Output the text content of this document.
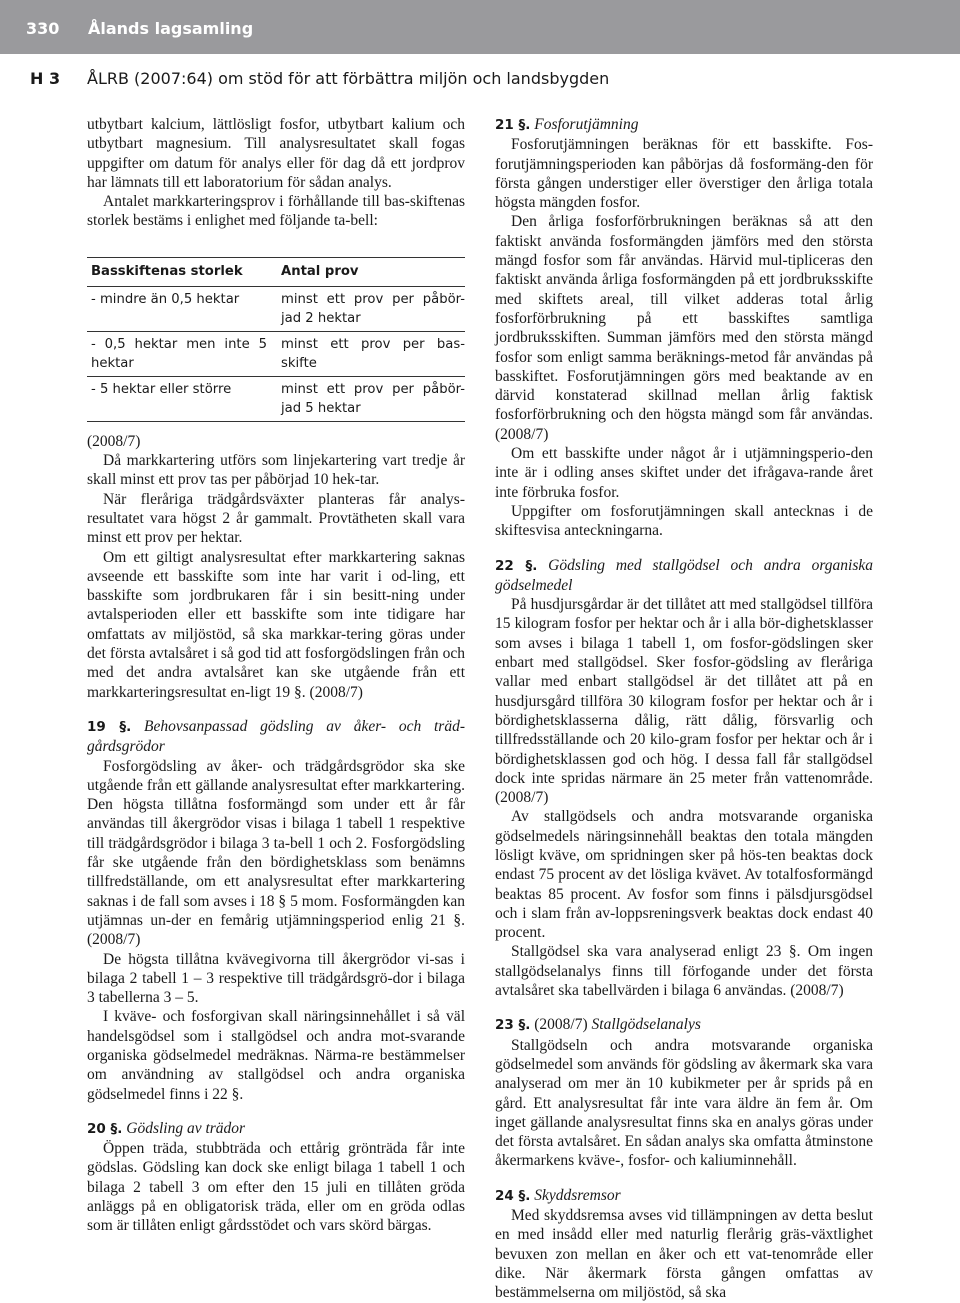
330 Ålands lagsamling
H 3 ÅLRB (2007:64) om stöd för att förbättra miljön och landsbygden

utbytbart kalcium, lättlösligt fosfor, utbytbart kalium och utbytbart magnesium. Till analysresultatet skall fogas uppgifter om datum för analys eller för dag då ett jordprov har lämnats till ett laboratorium för sådan analys.

Antalet markkarteringsprov i förhållande till bas-skiftenas storlek bestäms i enlighet med följande ta-bell:

Basskiftenas storlek	Antal prov
- mindre än 0,5 hektar	minst ett prov per påbör-jad 2 hektar
- 0,5 hektar men inte 5 hektar	minst ett prov per bas-skifte
- 5 hektar eller större	minst ett prov per påbör-jad 5 hektar

(2008/7)

Då markkartering utförs som linjekartering vart tredje år skall minst ett prov tas per påbörjad 10 hek-tar.

När fleråriga trädgårdsväxter planteras får analys-resultatet vara högst 2 år gammalt. Provtätheten skall vara minst ett prov per hektar.

Om ett giltigt analysresultat efter markkartering saknas avseende ett basskifte som inte har varit i od-ling, ett basskifte som jordbrukaren får i sin besitt-ning under avtalsperioden eller ett basskifte som inte tidigare har omfattats av miljöstöd, så ska markkar-tering göras under det första avtalsåret i så god tid att fosforgödslingen från och med det andra avtalsåret kan ske utgående från ett markkarteringsresultat en-ligt 19 §. (2008/7)

19 §. Behovsanpassad gödsling av åker- och träd-gårdsgrödor

Fosforgödsling av åker- och trädgårdsgrödor ska ske utgående från ett gällande analysresultat efter markkartering. Den högsta tillåtna fosformängd som under ett år får användas till åkergrödor visas i bilaga 1 tabell 1 respektive till trädgårdsgrödor i bilaga 3 ta-bell 1 och 2. Fosforgödsling får ske utgående från den bördighetsklass som benämns tillfredställande, om ett analysresultat efter markkartering saknas i de fall som avses i 18 § 5 mom. Fosformängden kan utjämnas un-der en femårig utjämningsperiod enlig 21 §. (2008/7)

De högsta tillåtna kvävegivorna till åkergrödor vi-sas i bilaga 2 tabell 1 – 3 respektive till trädgårdsgrö-dor i bilaga 3 tabellerna 3 – 5.

I kväve- och fosforgivan skall näringsinnehållet i så väl handelsgödsel som i stallgödsel och andra mot-svarande organiska gödselmedel medräknas. Närma-re bestämmelser om användning av stallgödsel och andra organiska gödselmedel finns i 22 §.

20 §. Gödsling av trädor

Öppen träda, stubbträda och ettårig grönträda får inte gödslas. Gödsling kan dock ske enligt bilaga 1 tabell 1 och bilaga 2 tabell 3 om efter den 15 juli en tillåten gröda anläggs på en obligatorisk träda, eller om en gröda odlas som är tillåten enligt gårdsstödet och vars skörd bärgas.

21 §. Fosforutjämning

Fosforutjämningen beräknas för ett basskifte. Fos-forutjämningsperioden kan påbörjas då fosformäng-den för första gången understiger eller överstiger den årliga totala högsta mängden fosfor.

Den årliga fosforförbrukningen beräknas så att den faktiskt använda fosformängden jämförs med den största mängd fosfor som får användas. Härvid mul-tipliceras den faktiskt använda årliga fosformängden på ett jordbruksskifte med skiftets areal, till vilket adderas total årlig fosforförbrukning på ett basskiftes samtliga jordbruksskiften. Summan jämförs med den största mängd fosfor som enligt samma beräknings-metod får användas på basskiftet. Fosforutjämningen görs med beaktande av en därvid konstaterad skillnad mellan årlig faktisk fosforförbrukning och den högsta mängd som får användas. (2008/7)

Om ett basskifte under något år i utjämningsperio-den inte är i odling anses skiftet under det ifrågava-rande året inte förbruka fosfor.

Uppgifter om fosforutjämningen skall antecknas i de skiftesvisa anteckningarna.

22 §. Gödsling med stallgödsel och andra organiska gödselmedel

På husdjursgårdar är det tillåtet att med stallgödsel tillföra 15 kilogram fosfor per hektar och år i alla bör-dighetsklasser som avses i bilaga 1 tabell 1, om fosfor-gödslingen sker enbart med stallgödsel. Sker fosfor-gödsling av fleråriga vallar med enbart stallgödsel är det tillåtet att på en husdjursgård tillföra 30 kilogram fosfor per hektar och år i bördighetsklasserna dålig, rätt dålig, försvarlig och tillfredsställande och 20 kilo-gram fosfor per hektar och år i bördighetsklassen god och hög. I dessa fall får stallgödsel dock inte spridas närmare än 25 meter från vattenområde. (2008/7)

Av stallgödsels och andra motsvarande organiska gödselmedels näringsinnehåll beaktas den totala mängden lösligt kväve, om spridningen sker på hös-ten beaktas dock endast 75 procent av det lösliga kvävet. Av totalfosformängd beaktas 85 procent. Av fosfor som finns i pälsdjursgödsel och i slam från av-loppsreningsverk beaktas dock endast 40 procent.

Stallgödsel ska vara analyserad enligt 23 §. Om ingen stallgödselanalys finns till förfogande under det första avtalsåret ska tabellvärden i bilaga 6 användas. (2008/7)

23 §. (2008/7) Stallgödselanalys

Stallgödseln och andra motsvarande organiska gödselmedel som används för gödsling av åkermark ska vara analyserad om mer än 10 kubikmeter per år sprids på en gård. Ett analysresultat får inte vara äldre än fem år. Om inget gällande analysresultat finns ska en analys göras under det första avtalsåret. En sådan analys ska omfatta åtminstone åkermarkens kväve-, fosfor- och kaliuminnehåll.

24 §. Skyddsremsor

Med skyddsremsa avses vid tillämpningen av detta beslut en med insådd eller med naturlig flerårig gräs-växtlighet bevuxen zon mellan en åker och ett vat-tenområde eller dike. När åkermark första gången omfattas av bestämmelserna om miljöstöd, så ska
